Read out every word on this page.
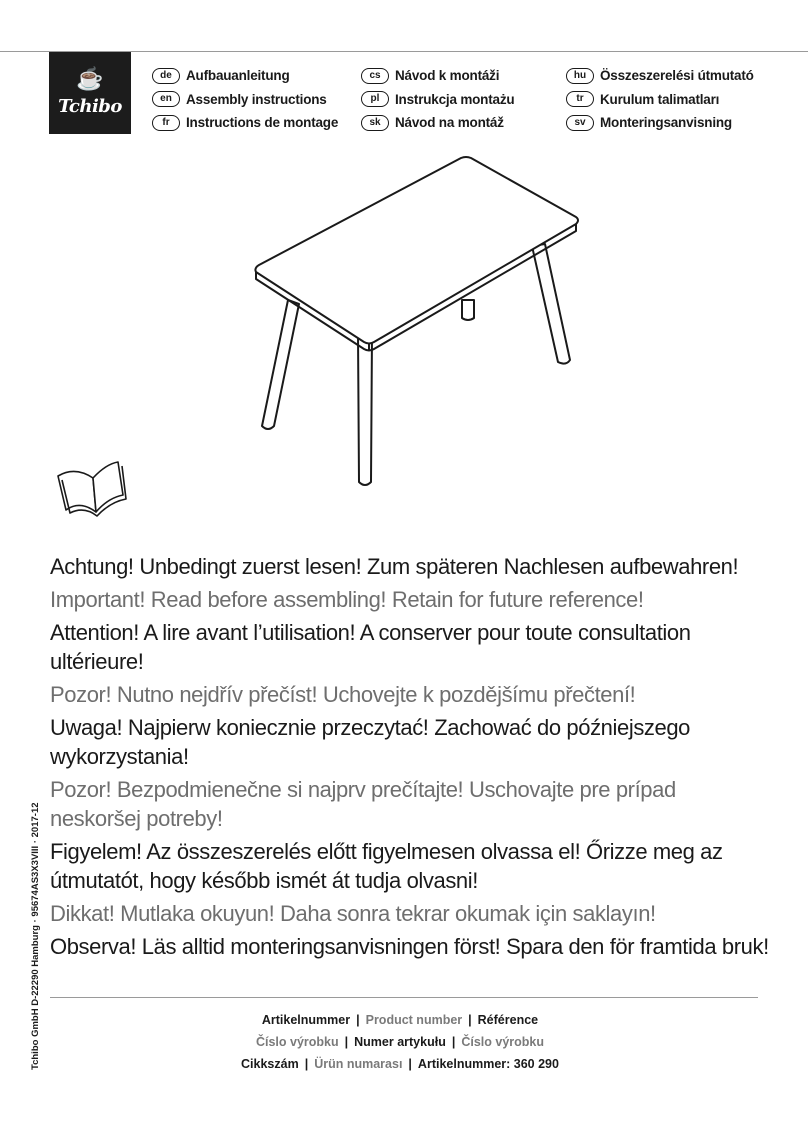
☕
Tchibo
de	Aufbauanleitung
en	Assembly instructions
fr	Instructions de montage
cs	Návod k montáži
pl	Instrukcja montażu
sk	Návod na montáž
hu	Összeszerelési útmutató
tr	Kurulum talimatları
sv	Monteringsanvisning

Achtung! Unbedingt zuerst lesen! Zum späteren Nachlesen aufbewahren!

Important! Read before assembling! Retain for future reference!

Attention! A lire avant l’utilisation! A conserver pour toute consultation ultérieure!

Pozor! Nutno nejdřív přečíst! Uchovejte k pozdějšímu přečtení!

Uwaga! Najpierw koniecznie przeczytać! Zachować do późniejszego wykorzystania!

Pozor! Bezpodmienečne si najprv prečítajte! Uschovajte pre prípad neskoršej potreby!

Figyelem! Az összeszerelés előtt figyelmesen olvassa el! Őrizze meg az útmutatót, hogy később ismét át tudja olvasni!

Dikkat! Mutlaka okuyun! Daha sonra tekrar okumak için saklayın!

Observa! Läs alltid monteringsanvisningen först! Spara den för framtida bruk!

Artikelnummer | Product number | Référence
Číslo výrobku | Numer artykułu | Číslo výrobku
Cikkszám | Ürün numarası | Artikelnummer: 360 290
Tchibo GmbH D-22290 Hamburg · 95674AS3X3VIII · 2017-12
